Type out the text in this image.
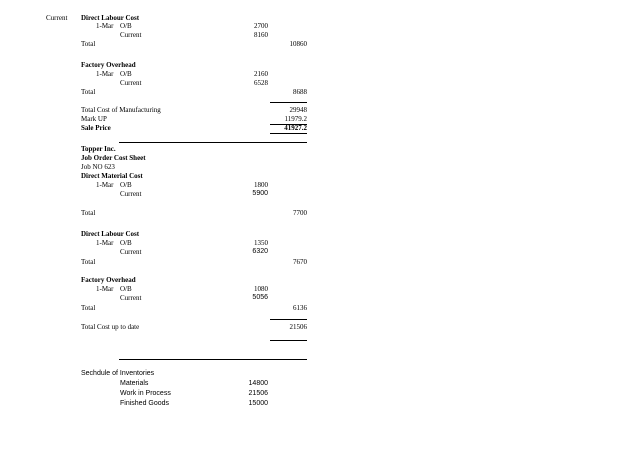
Current Direct Labour Cost
1-Mar O/B	2700
Current	8160
Total	10860
Factory Overhead
1-Mar O/B	2160
Current	6528
Total	8688
Total Cost of Manufacturing	29948
Mark UP	11979.2
Sale Price	41927.2
Topper Inc.
Job Order Cost Sheet
Job NO 623
Direct Material Cost
1-Mar O/B	1800
Current	5900
Total	7700
Direct Labour Cost
1-Mar O/B	1350
Current	6320
Total	7670
Factory Overhead
1-Mar O/B	1080
Current	5056
Total	6136
Total Cost up to date	21506
Sechdule of Inventories
Materials	14800
Work in Process	21506
Finished Goods	15000
